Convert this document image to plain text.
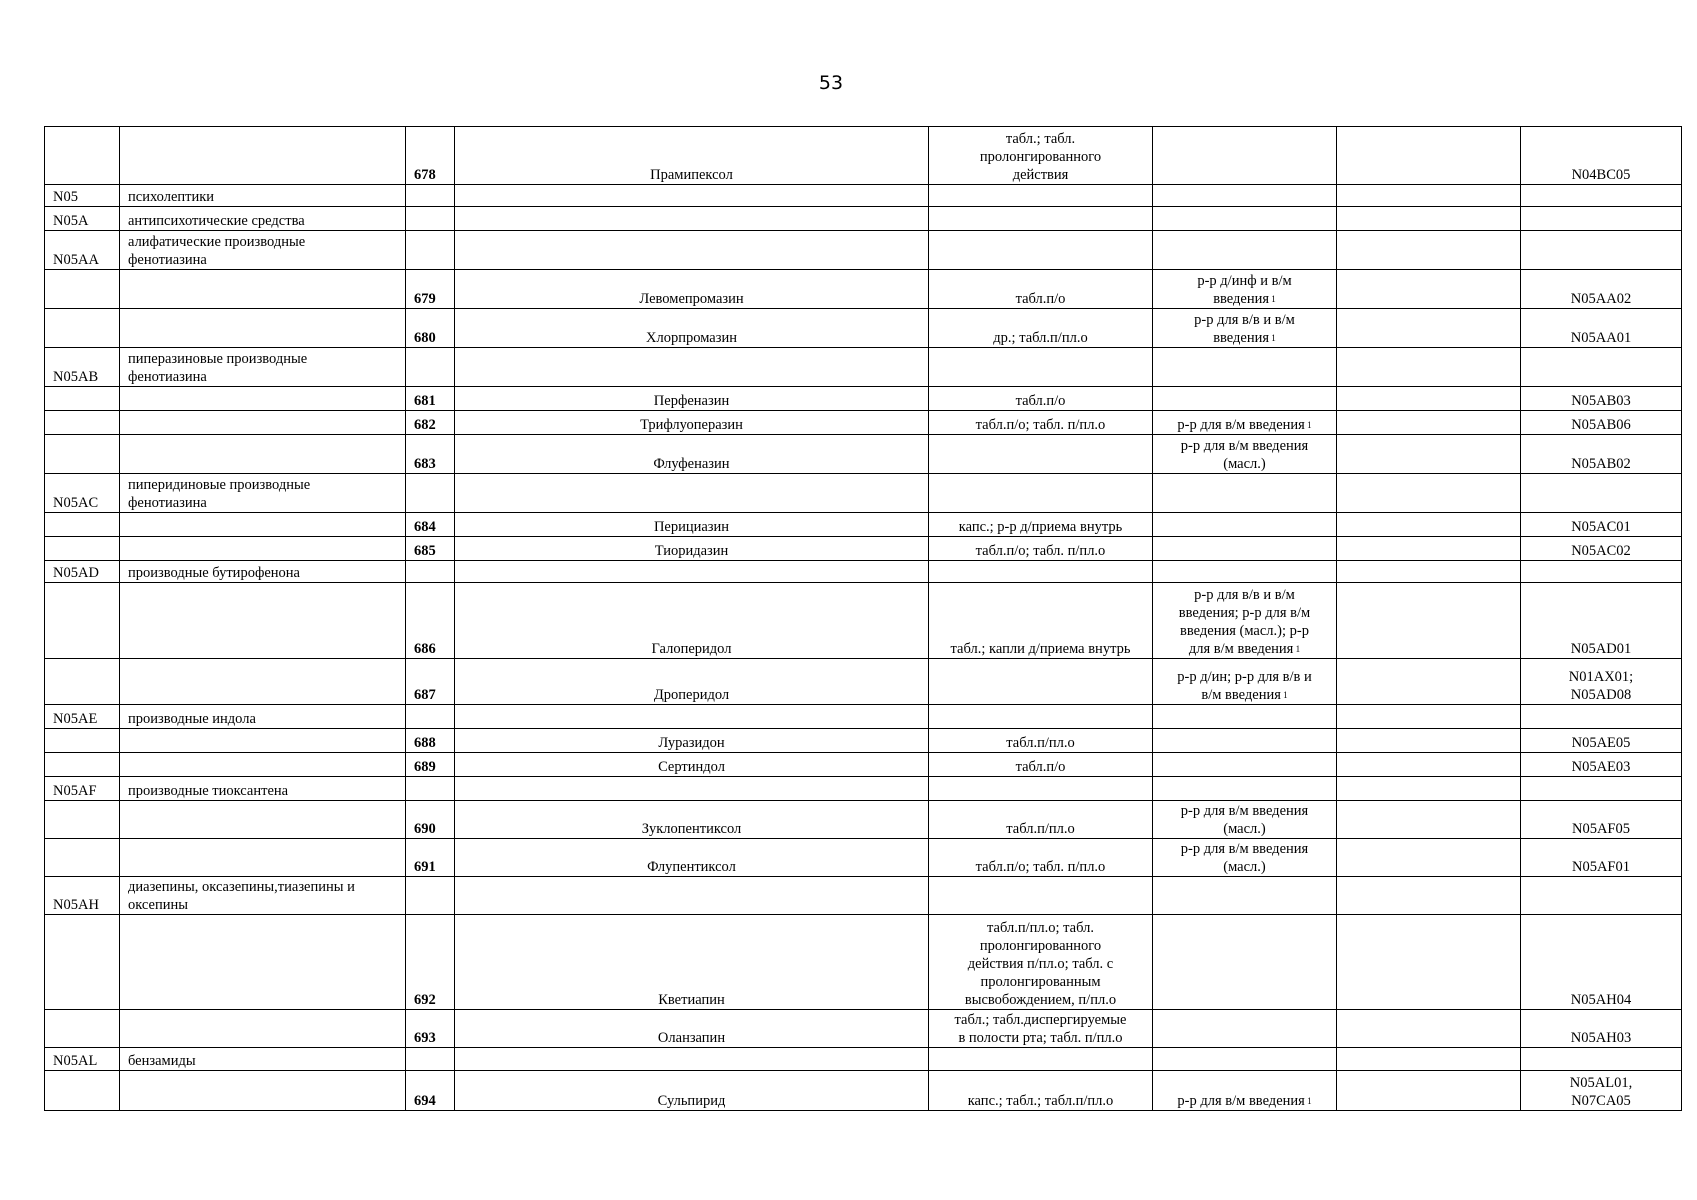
53
		678	Прамипексол	табл.; табл.
пролонгированного
действия			N04BC05
N05	психолептики						
N05A	антипсихотические средства						
N05AA	алифатические производные
фенотиазина						
		679	Левомепромазин	табл.п/о	р-р д/инф и в/м
введения $^1$		N05AA02
		680	Хлорпромазин	др.; табл.п/пл.о	р-р для в/в и в/м
введения $^1$		N05AA01
N05AB	пиперазиновые производные
фенотиазина						
		681	Перфеназин	табл.п/о			N05AB03
		682	Трифлуоперазин	табл.п/о; табл. п/пл.о	р-р для в/м введения $^1$		N05AB06
		683	Флуфеназин		р-р для в/м введения
(масл.)		N05AB02
N05AC	пиперидиновые производные
фенотиазина						
		684	Перициазин	капс.; р-р д/приема внутрь			N05AC01
		685	Тиоридазин	табл.п/о; табл. п/пл.о			N05AC02
N05AD	производные бутирофенона						
		686	Галоперидол	табл.; капли д/приема внутрь	р-р для в/в и в/м
введения; р-р для в/м
введения (масл.); р-р
для в/м введения $^1$		N05AD01
		687	Дроперидол		р-р д/ин; р-р для в/в и
в/м введения $^1$		N01AX01;
N05AD08
N05AE	производные индола						
		688	Луразидон	табл.п/пл.о			N05AE05
		689	Сертиндол	табл.п/о			N05AE03
N05AF	производные тиоксантена						
		690	Зуклопентиксол	табл.п/пл.о	р-р для в/м введения
(масл.)		N05AF05
		691	Флупентиксол	табл.п/о; табл. п/пл.о	р-р для в/м введения
(масл.)		N05AF01
N05AH	диазепины, оксазепины,тиазепины и
оксепины						
		692	Кветиапин	табл.п/пл.о; табл.
пролонгированного
действия п/пл.о; табл. с
пролонгированным
высвобождением, п/пл.о			N05AH04
		693	Оланзапин	табл.; табл.диспергируемые
в полости рта; табл. п/пл.о			N05AH03
N05AL	бензамиды						
		694	Сульпирид	капс.; табл.; табл.п/пл.о	р-р для в/м введения $^1$		N05AL01,
N07CA05
